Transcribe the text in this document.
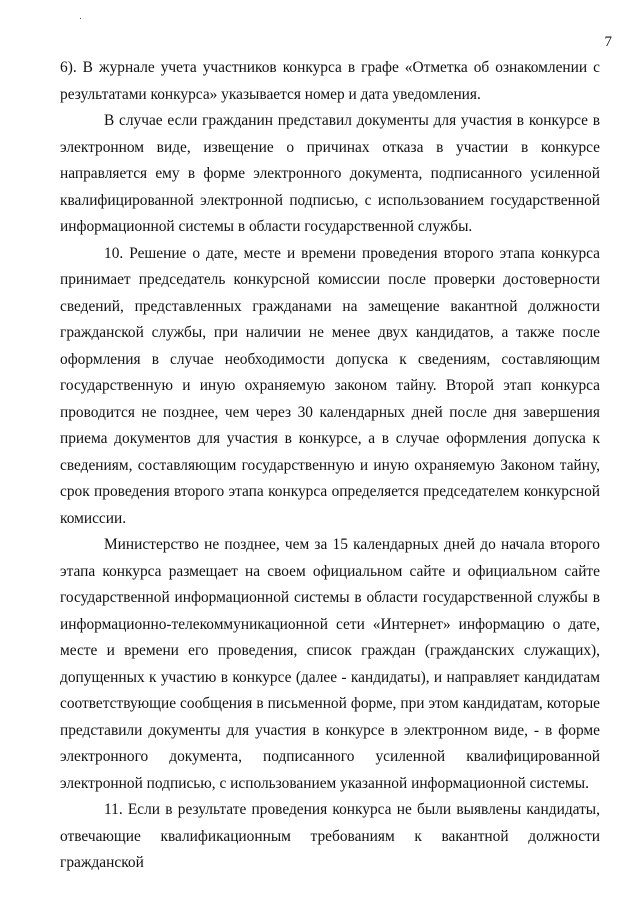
7

6). В журнале учета участников конкурса в графе «Отметка об ознакомлении с результатами конкурса» указывается номер и дата уведомления.

В случае если гражданин представил документы для участия в конкурсе в электронном виде, извещение о причинах отказа в участии в конкурсе направляется ему в форме электронного документа, подписанного усиленной квалифицированной электронной подписью, с использованием государственной информационной системы в области государственной службы.

10. Решение о дате, месте и времени проведения второго этапа конкурса принимает председатель конкурсной комиссии после проверки достоверности сведений, представленных гражданами на замещение вакантной должности гражданской службы, при наличии не менее двух кандидатов, а также после оформления в случае необходимости допуска к сведениям, составляющим государственную и иную охраняемую законом тайну. Второй этап конкурса проводится не позднее, чем через 30 календарных дней после дня завершения приема документов для участия в конкурсе, а в случае оформления допуска к сведениям, составляющим государственную и иную охраняемую Законом тайну, срок проведения второго этапа конкурса определяется председателем конкурсной комиссии.

Министерство не позднее, чем за 15 календарных дней до начала второго этапа конкурса размещает на своем официальном сайте и официальном сайте государственной информационной системы в области государственной службы в информационно-телекоммуникационной сети «Интернет» информацию о дате, месте и времени его проведения, список граждан (гражданских служащих), допущенных к участию в конкурсе (далее - кандидаты), и направляет кандидатам соответствующие сообщения в письменной форме, при этом кандидатам, которые представили документы для участия в конкурсе в электронном виде, - в форме электронного документа, подписанного усиленной квалифицированной электронной подписью, с использованием указанной информационной системы.

11. Если в результате проведения конкурса не были выявлены кандидаты, отвечающие квалификационным требованиям к вакантной должности гражданской
